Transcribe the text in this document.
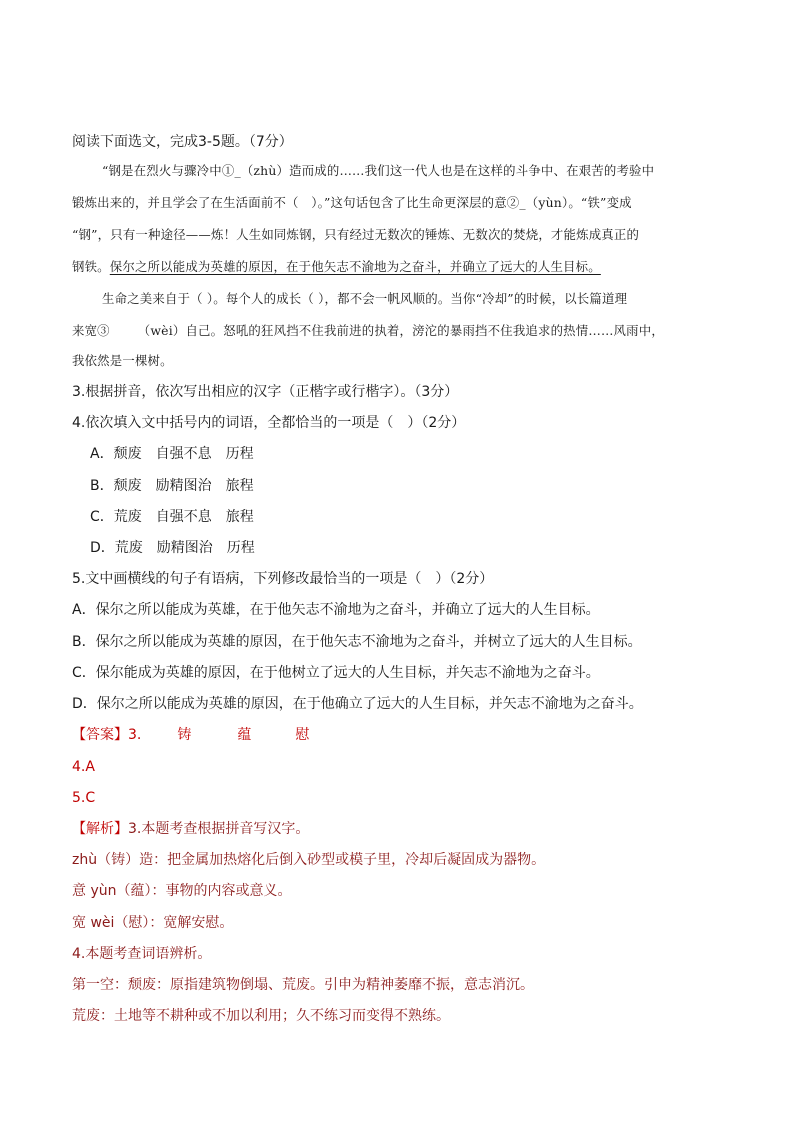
阅读下面选文，完成3-5题。（7分）
“钢是在烈火与骤冷中①_（zhù）造而成的……我们这一代人也是在这样的斗争中、在艰苦的考验中
锻炼出来的，并且学会了在生活面前不（　）。”这句话包含了比生命更深层的意②_（yùn）。“铁”变成
“钢”，只有一种途径——炼！人生如同炼钢，只有经过无数次的锤炼、无数次的焚烧，才能炼成真正的
钢铁。保尔之所以能成为英雄的原因，在于他矢志不渝地为之奋斗，并确立了远大的人生目标。
生命之美来自于（ ）。每个人的成长（ ），都不会一帆风顺的。当你“冷却”的时候，以长篇道理
来宽③ （wèi）自己。怒吼的狂风挡不住我前进的执着，滂沱的暴雨挡不住我追求的热情……风雨中，
我依然是一棵树。
3.根据拼音，依次写出相应的汉字（正楷字或行楷字）。（3分）
4.依次填入文中括号内的词语，全都恰当的一项是（　）（2分）
A．颓废　自强不息　历程
B．颓废　励精图治　旅程
C．荒废　自强不息　旅程
D．荒废　励精图治　历程
5.文中画横线的句子有语病，下列修改最恰当的一项是（　）（2分）
A．保尔之所以能成为英雄，在于他矢志不渝地为之奋斗，并确立了远大的人生目标。
B．保尔之所以能成为英雄的原因，在于他矢志不渝地为之奋斗，并树立了远大的人生目标。
C．保尔能成为英雄的原因，在于他树立了远大的人生目标，并矢志不渝地为之奋斗。
D．保尔之所以能成为英雄的原因，在于他确立了远大的人生目标，并矢志不渝地为之奋斗。
【答案】3.	铸	蕴	慰
4.A
5.C
【解析】3.本题考查根据拼音写汉字。
zhù（铸）造：把金属加热熔化后倒入砂型或模子里，冷却后凝固成为器物。
意 yùn（蕴）：事物的内容或意义。
宽 wèi（慰）：宽解安慰。
4.本题考查词语辨析。
第一空：颓废：原指建筑物倒塌、荒废。引申为精神萎靡不振，意志消沉。
荒废：土地等不耕种或不加以利用；久不练习而变得不熟练。
